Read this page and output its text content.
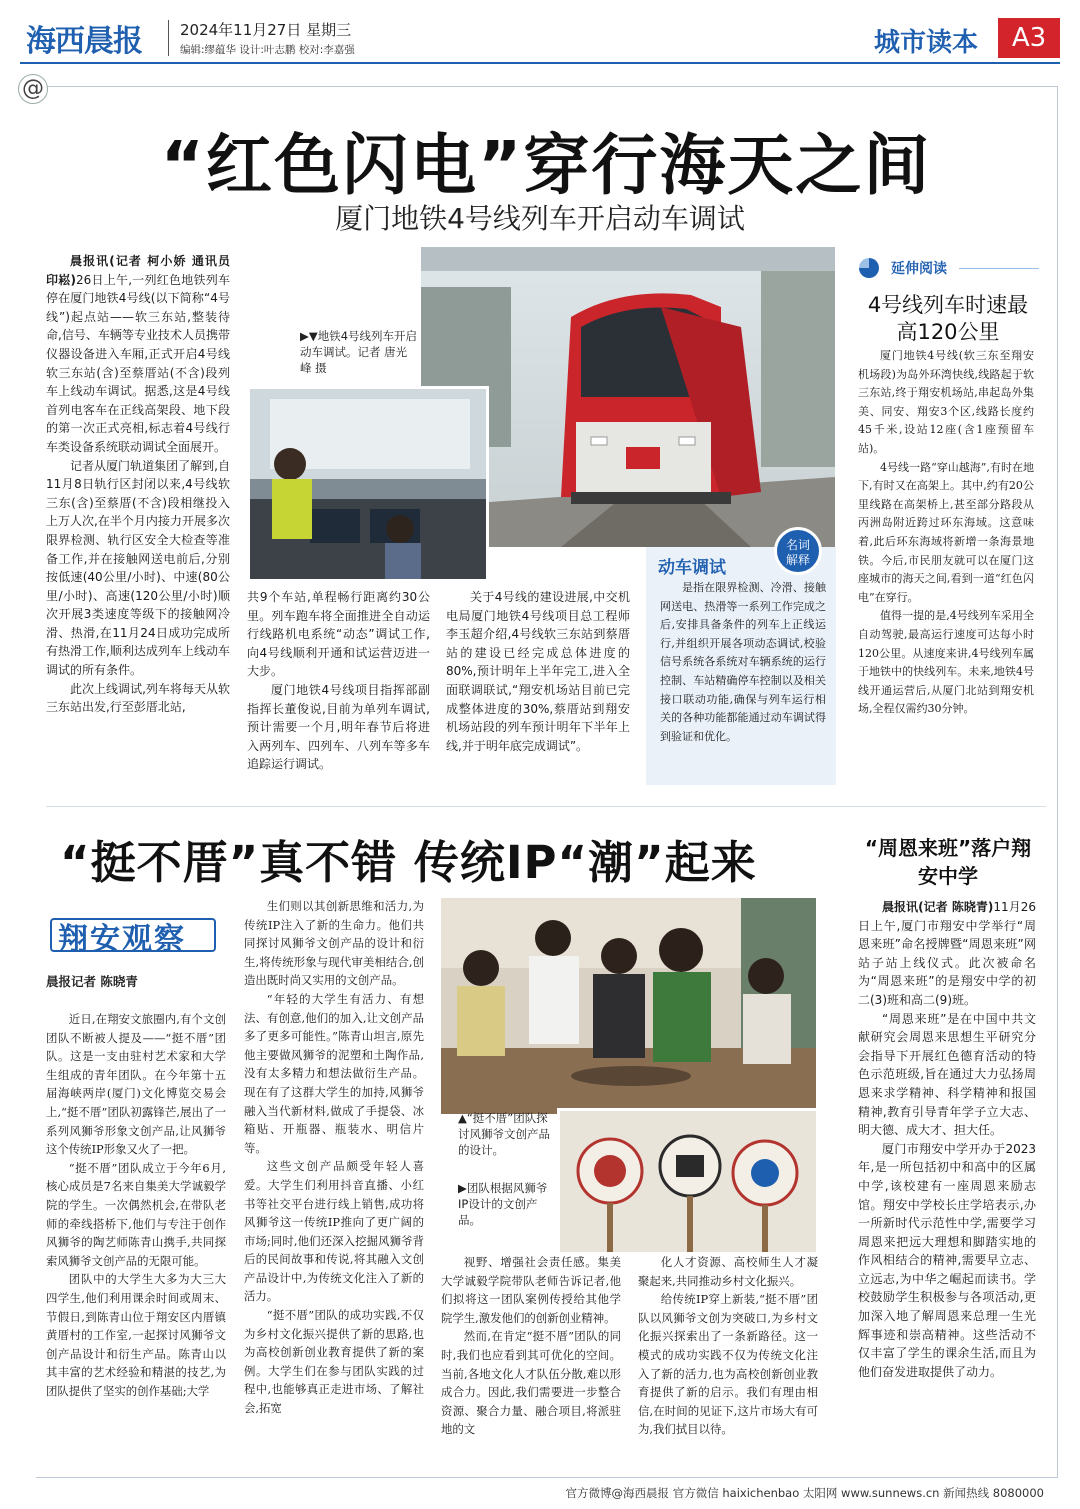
海西晨报	2024年11月27日 星期三
编辑:缪蕴华 设计:叶志鹏 校对:李嘉强	城市读本	A3
@
“红色闪电”穿行海天之间
厦门地铁4号线列车开启动车调试

晨报讯(记者 柯小娇 通讯员 印崧)26日上午,一列红色地铁列车停在厦门地铁4号线(以下简称“4号线”)起点站——软三东站,整装待命,信号、车辆等专业技术人员携带仪器设备进入车厢,正式开启4号线软三东站(含)至蔡厝站(不含)段列车上线动车调试。据悉,这是4号线首列电客车在正线高架段、地下段的第一次正式亮相,标志着4号线行车类设备系统联动调试全面展开。

记者从厦门轨道集团了解到,自11月8日轨行区封闭以来,4号线软三东(含)至蔡厝(不含)段相继投入上万人次,在半个月内接力开展多次限界检测、轨行区安全大检查等准备工作,并在接触网送电前后,分别按低速(40公里/小时)、中速(80公里/小时)、高速(120公里/小时)顺次开展3类速度等级下的接触网冷滑、热滑,在11月24日成功完成所有热滑工作,顺利达成列车上线动车调试的所有条件。

此次上线调试,列车将每天从软三东站出发,行至彭厝北站,

▶▼地铁4号线列车开启动车调试。记者 唐光峰 摄

共9个车站,单程畅行距离约30公里。列车跑车将全面推进全自动运行线路机电系统“动态”调试工作,向4号线顺利开通和试运营迈进一大步。

厦门地铁4号线项目指挥部副指挥长董俊说,目前为单列车调试,预计需要一个月,明年春节后将进入两列车、四列车、八列车等多车追踪运行调试。

关于4号线的建设进展,中交机电局厦门地铁4号线项目总工程师李玉超介绍,4号线软三东站到蔡厝站的建设已经完成总体进度的80%,预计明年上半年完工,进入全面联调联试,“翔安机场站目前已完成整体进度的30%,蔡厝站到翔安机场站段的列车预计明年下半年上线,并于明年底完成调试”。

动车调试
是指在限界检测、冷滑、接触网送电、热滑等一系列工作完成之后,安排具备条件的列车上正线运行,并组织开展各项动态调试,校验信号系统各系统对车辆系统的运行控制、车站精确停车控制以及相关接口联动功能,确保与列车运行相关的各种功能都能通过动车调试得到验证和优化。
名词解释
延伸阅读
4号线列车时速最高120公里

厦门地铁4号线(软三东至翔安机场段)为岛外环湾快线,线路起于软三东站,终于翔安机场站,串起岛外集美、同安、翔安3个区,线路长度约45千米,设站12座(含1座预留车站)。

4号线一路“穿山越海”,有时在地下,有时又在高架上。其中,约有20公里线路在高架桥上,甚至部分路段从丙洲岛附近跨过环东海域。这意味着,此后环东海域将新增一条海景地铁。今后,市民朋友就可以在厦门这座城市的海天之间,看到一道“红色闪电”在穿行。

值得一提的是,4号线列车采用全自动驾驶,最高运行速度可达每小时120公里。从速度来讲,4号线列车属于地铁中的快线列车。未来,地铁4号线开通运营后,从厦门北站到翔安机场,全程仅需约30分钟。

“挺不厝”真不错 传统IP“潮”起来
翔安观察
晨报记者 陈晓青

近日,在翔安文旅圈内,有个文创团队不断被人提及——“挺不厝”团队。这是一支由驻村艺术家和大学生组成的青年团队。在今年第十五届海峡两岸(厦门)文化博览交易会上,“挺不厝”团队初露锋芒,展出了一系列风狮爷形象文创产品,让风狮爷这个传统IP形象又火了一把。

“挺不厝”团队成立于今年6月,核心成员是7名来自集美大学诚毅学院的学生。一次偶然机会,在带队老师的牵线搭桥下,他们与专注于创作风狮爷的陶艺师陈青山携手,共同探索风狮爷文创产品的无限可能。

团队中的大学生大多为大三大四学生,他们利用课余时间或周末、节假日,到陈青山位于翔安区内厝镇黄厝村的工作室,一起探讨风狮爷文创产品设计和衍生产品。陈青山以其丰富的艺术经验和精湛的技艺,为团队提供了坚实的创作基础;大学

生们则以其创新思维和活力,为传统IP注入了新的生命力。他们共同探讨风狮爷文创产品的设计和衍生,将传统形象与现代审美相结合,创造出既时尚又实用的文创产品。

“年轻的大学生有活力、有想法、有创意,他们的加入,让文创产品多了更多可能性。”陈青山坦言,原先他主要做风狮爷的泥塑和土陶作品,没有太多精力和想法做衍生产品。现在有了这群大学生的加持,风狮爷融入当代新材料,做成了手提袋、冰箱贴、开瓶器、瓶装水、明信片等。

这些文创产品颇受年轻人喜爱。大学生们利用抖音直播、小红书等社交平台进行线上销售,成功将风狮爷这一传统IP推向了更广阔的市场;同时,他们还深入挖掘风狮爷背后的民间故事和传说,将其融入文创产品设计中,为传统文化注入了新的活力。

“挺不厝”团队的成功实践,不仅为乡村文化振兴提供了新的思路,也为高校创新创业教育提供了新的案例。大学生们在参与团队实践的过程中,也能够真正走进市场、了解社会,拓宽

▲“挺不厝”团队探讨风狮爷文创产品的设计。
▶团队根据风狮爷IP设计的文创产品。

视野、增强社会责任感。集美大学诚毅学院带队老师告诉记者,他们拟将这一团队案例传授给其他学院学生,激发他们的创新创业精神。

然而,在肯定“挺不厝”团队的同时,我们也应看到其可优化的空间。当前,各地文化人才队伍分散,难以形成合力。因此,我们需要进一步整合资源、聚合力量、融合项目,将派驻地的文

化人才资源、高校师生人才凝聚起来,共同推动乡村文化振兴。

给传统IP穿上新装,“挺不厝”团队以风狮爷文创为突破口,为乡村文化振兴探索出了一条新路径。这一模式的成功实践不仅为传统文化注入了新的活力,也为高校创新创业教育提供了新的启示。我们有理由相信,在时间的见证下,这片市场大有可为,我们拭目以待。

“周恩来班”落户翔安中学

晨报讯(记者 陈晓青)11月26日上午,厦门市翔安中学举行“周恩来班”命名授牌暨“周恩来班”网站子站上线仪式。此次被命名为“周恩来班”的是翔安中学的初二(3)班和高二(9)班。

“周恩来班”是在中国中共文献研究会周恩来思想生平研究分会指导下开展红色德育活动的特色示范班级,旨在通过大力弘扬周恩来求学精神、科学精神和报国精神,教育引导青年学子立大志、明大德、成大才、担大任。

厦门市翔安中学开办于2023年,是一所包括初中和高中的区属中学,该校建有一座周恩来励志馆。翔安中学校长庄学培表示,办一所新时代示范性中学,需要学习周恩来把远大理想和脚踏实地的作风相结合的精神,需要早立志、立远志,为中华之崛起而读书。学校鼓励学生积极参与各项活动,更加深入地了解周恩来总理一生光辉事迹和崇高精神。这些活动不仅丰富了学生的课余生活,而且为他们奋发进取提供了动力。

官方微博@海西晨报 官方微信 haixichenbao 太阳网 www.sunnews.cn 新闻热线 8080000
